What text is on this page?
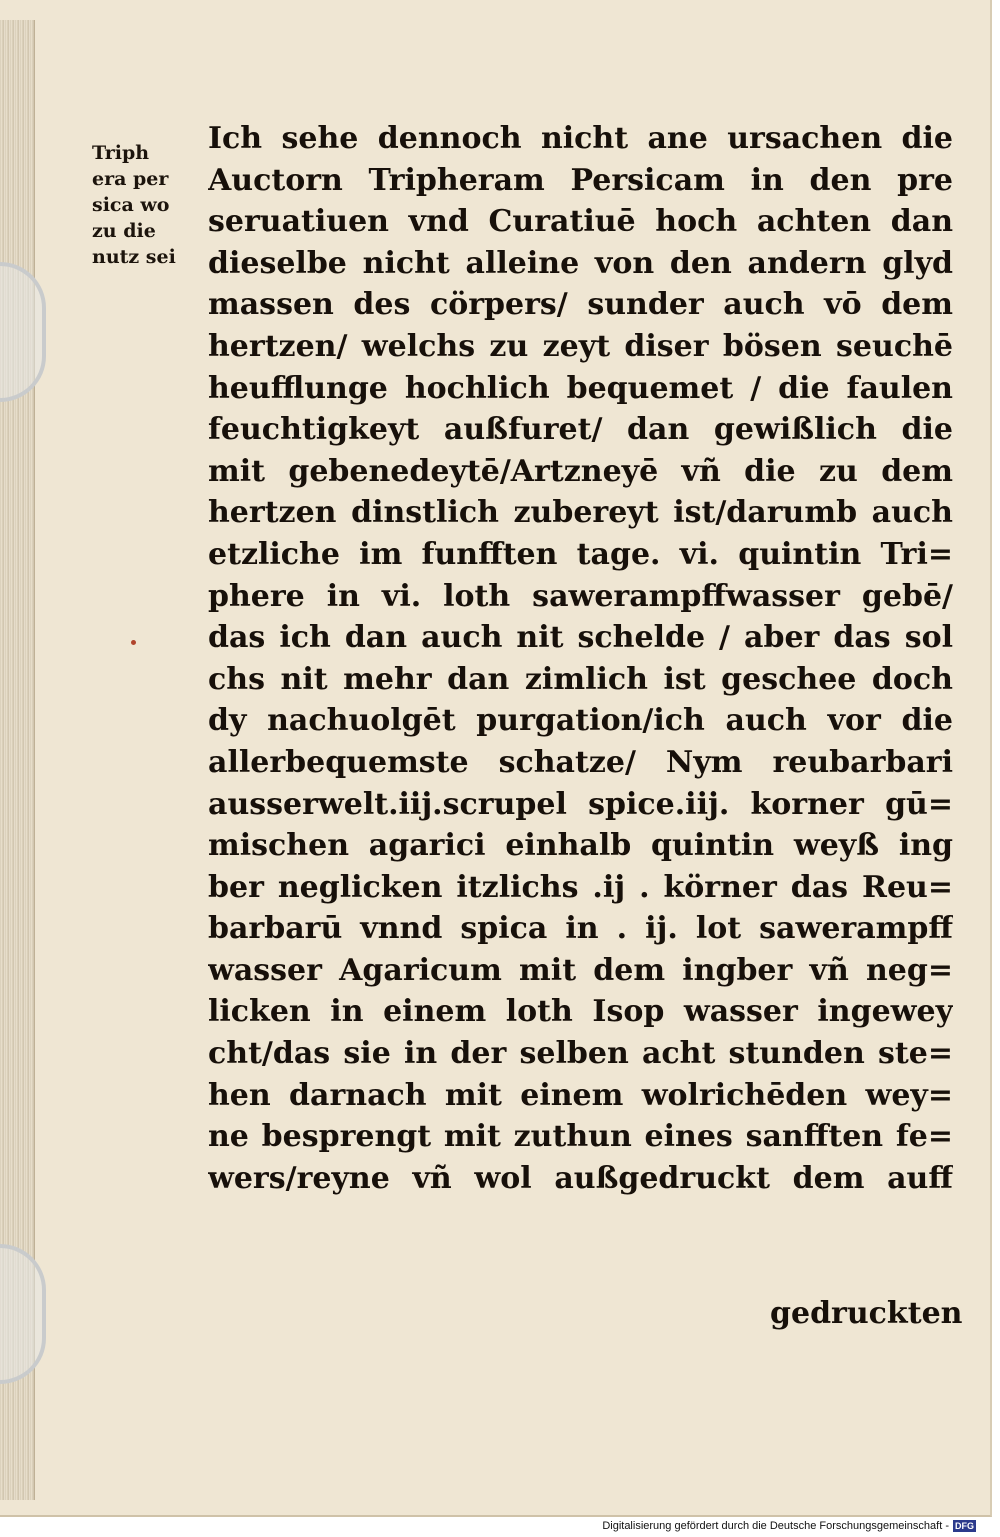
Triph
era per
sica wo
zu die
nutz sei
Ich sehe dennoch nicht ane ursachen die
Auctorn Tripheram Persicam in den pre
seruatiuen vnd Curatiuē hoch achten dan
dieselbe nicht alleine von den andern glyd
massen des cörpers/ sunder auch vō dem
hertzen/ welchs zu zeyt diser bösen seuchē
heufflunge hochlich bequemet / die faulen
feuchtigkeyt außfuret/ dan gewißlich die
mit gebenedeytē/Artzneyē vñ die zu dem
hertzen dinstlich zubereyt ist/darumb auch
etzliche im funfften tage. vi. quintin Tri=
phere in vi. loth sawerampffwasser gebē/
das ich dan auch nit schelde / aber das sol
chs nit mehr dan zimlich ist geschee doch
dy nachuolgēt purgation/ich auch vor die
allerbequemste schatze/ Nym reubarbari
ausserwelt.iij.scrupel spice.iij. korner gū=
mischen agarici einhalb quintin weyß ing
ber neglicken itzlichs .ij . körner das Reu=
barbarū vnnd spica in . ij. lot sawerampff
wasser Agaricum mit dem ingber vñ neg=
licken in einem loth Isop wasser ingewey
cht/das sie in der selben acht stunden ste=
hen darnach mit einem wolrichēden wey=
ne besprengt mit zuthun eines sanfften fe=
wers/reyne vñ wol außgedruckt dem auff
gedruckten
Digitalisierung gefördert durch die Deutsche Forschungsgemeinschaft - DFG
